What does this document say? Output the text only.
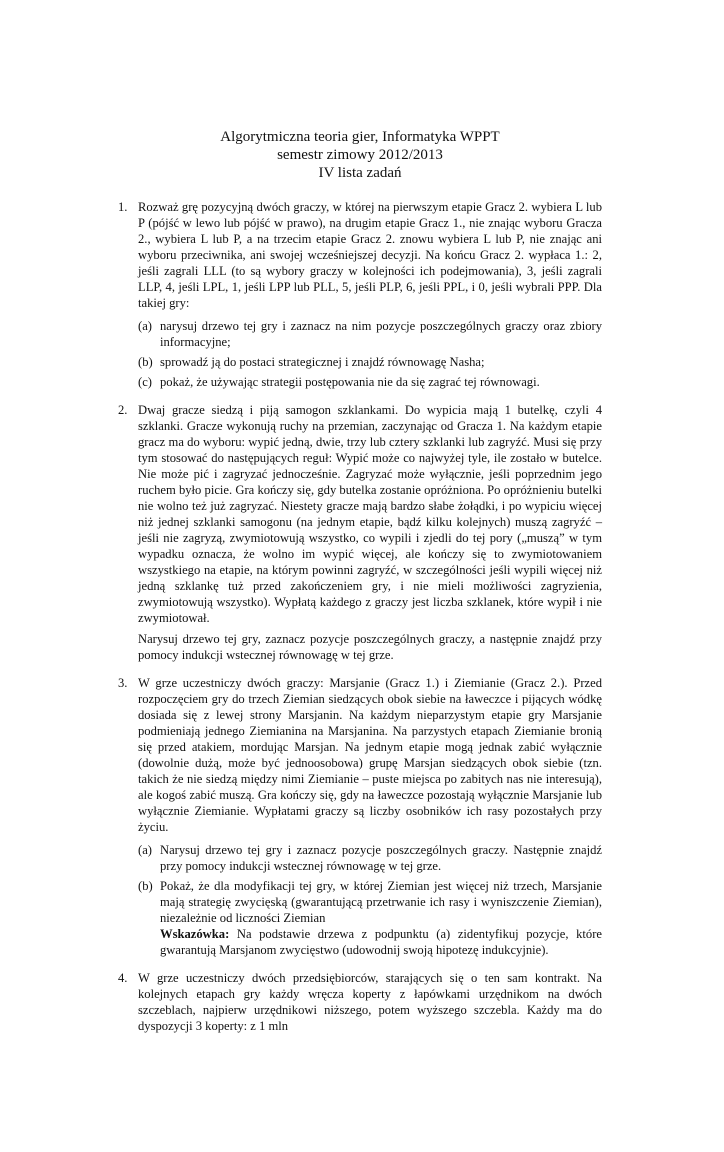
Algorytmiczna teoria gier, Informatyka WPPT
semestr zimowy 2012/2013
IV lista zadań
1. Rozważ grę pozycyjną dwóch graczy, w której na pierwszym etapie Gracz 2. wybiera L lub P (pójść w lewo lub pójść w prawo), na drugim etapie Gracz 1., nie znając wyboru Gracza 2., wybiera L lub P, a na trzecim etapie Gracz 2. znowu wybiera L lub P, nie znając ani wyboru przeciwnika, ani swojej wcześniejszej decyzji. Na końcu Gracz 2. wypłaca 1.: 2, jeśli zagrali LLL (to są wybory graczy w kolejności ich podejmowania), 3, jeśli zagrali LLP, 4, jeśli LPL, 1, jeśli LPP lub PLL, 5, jeśli PLP, 6, jeśli PPL, i 0, jeśli wybrali PPP. Dla takiej gry:

(a) narysuj drzewo tej gry i zaznacz na nim pozycje poszczególnych graczy oraz zbiory informacyjne;
(b) sprowadź ją do postaci strategicznej i znajdź równowagę Nasha;
(c) pokaż, że używając strategii postępowania nie da się zagrać tej równowagi.
2. Dwaj gracze siedzą i piją samogon szklankami. Do wypicia mają 1 butelkę, czyli 4 szklanki. Gracze wykonują ruchy na przemian, zaczynając od Gracza 1. Na każdym etapie gracz ma do wyboru: wypić jedną, dwie, trzy lub cztery szklanki lub zagryźć. Musi się przy tym stosować do następujących reguł: Wypić może co najwyżej tyle, ile zostało w butelce. Nie może pić i zagryzać jednocześnie. Zagryzać może wyłącznie, jeśli poprzednim jego ruchem było picie. Gra kończy się, gdy butelka zostanie opróżniona. Po opróżnieniu butelki nie wolno też już zagryzać. Niestety gracze mają bardzo słabe żołądki, i po wypiciu więcej niż jednej szklanki samogonu (na jednym etapie, bądź kilku kolejnych) muszą zagryźć – jeśli nie zagryzą, zwymiotowują wszystko, co wypili i zjedli do tej pory („muszą” w tym wypadku oznacza, że wolno im wypić więcej, ale kończy się to zwymiotowaniem wszystkiego na etapie, na którym powinni zagryźć, w szczególności jeśli wypili więcej niż jedną szklankę tuż przed zakończeniem gry, i nie mieli możliwości zagryzienia, zwymiotowują wszystko). Wypłatą każdego z graczy jest liczba szklanek, które wypił i nie zwymiotował.

Narysuj drzewo tej gry, zaznacz pozycje poszczególnych graczy, a następnie znajdź przy pomocy indukcji wstecznej równowagę w tej grze.

3. W grze uczestniczy dwóch graczy: Marsjanie (Gracz 1.) i Ziemianie (Gracz 2.). Przed rozpoczęciem gry do trzech Ziemian siedzących obok siebie na ławeczce i pijących wódkę dosiada się z lewej strony Marsjanin. Na każdym nieparzystym etapie gry Marsjanie podmieniają jednego Ziemianina na Marsjanina. Na parzystych etapach Ziemianie bronią się przed atakiem, mordując Marsjan. Na jednym etapie mogą jednak zabić wyłącznie (dowolnie dużą, może być jednoosobowa) grupę Marsjan siedzących obok siebie (tzn. takich że nie siedzą między nimi Ziemianie – puste miejsca po zabitych nas nie interesują), ale kogoś zabić muszą. Gra kończy się, gdy na ławeczce pozostają wyłącznie Marsjanie lub wyłącznie Ziemianie. Wypłatami graczy są liczby osobników ich rasy pozostałych przy życiu.

(a) Narysuj drzewo tej gry i zaznacz pozycje poszczególnych graczy. Następnie znajdź przy pomocy indukcji wstecznej równowagę w tej grze.
(b) Pokaż, że dla modyfikacji tej gry, w której Ziemian jest więcej niż trzech, Marsjanie mają strategię zwycięską (gwarantującą przetrwanie ich rasy i wyniszczenie Ziemian), niezależnie od liczności Ziemian
Wskazówka: Na podstawie drzewa z podpunktu (a) zidentyfikuj pozycje, które gwarantują Marsjanom zwycięstwo (udowodnij swoją hipotezę indukcyjnie).
4. W grze uczestniczy dwóch przedsiębiorców, starających się o ten sam kontrakt. Na kolejnych etapach gry każdy wręcza koperty z łapówkami urzędnikom na dwóch szczeblach, najpierw urzędnikowi niższego, potem wyższego szczebla. Każdy ma do dyspozycji 3 koperty: z 1 mln
